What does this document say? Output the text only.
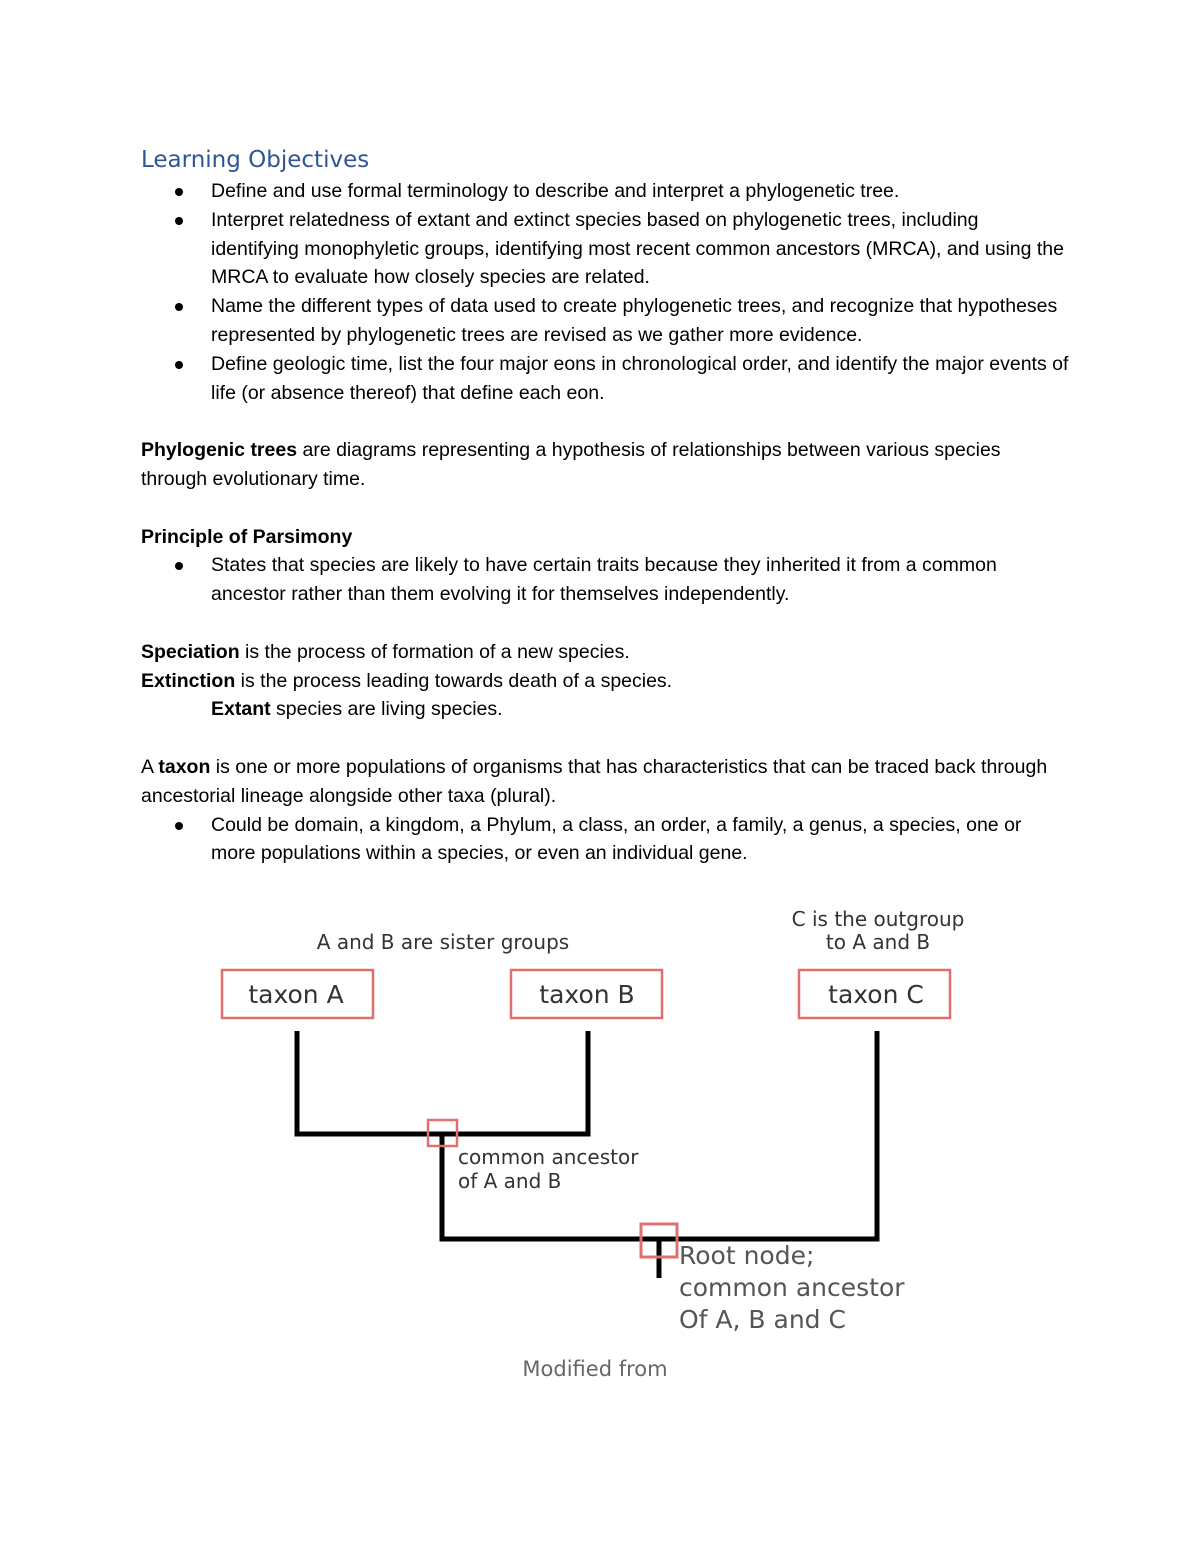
Learning Objectives
Define and use formal terminology to describe and interpret a phylogenetic tree.
Interpret relatedness of extant and extinct species based on phylogenetic trees, including identifying monophyletic groups, identifying most recent common ancestors (MRCA), and using the MRCA to evaluate how closely species are related.
Name the different types of data used to create phylogenetic trees, and recognize that hypotheses represented by phylogenetic trees are revised as we gather more evidence.
Define geologic time, list the four major eons in chronological order, and identify the major events of life (or absence thereof) that define each eon.

Phylogenic trees are diagrams representing a hypothesis of relationships between various species through evolutionary time.

Principle of Parsimony

States that species are likely to have certain traits because they inherited it from a common ancestor rather than them evolving it for themselves independently.

Speciation is the process of formation of a new species.

Extinction is the process leading towards death of a species.

Extant species are living species.

A taxon is one or more populations of organisms that has characteristics that can be traced back through ancestorial lineage alongside other taxa (plural).

Could be domain, a kingdom, a Phylum, a class, an order, a family, a genus, a species, one or more populations within a species, or even an individual gene.
A and B are sister groups
C is the outgroup
to A and B
taxon A	taxon B	taxon C
common ancestor
of A and B
Root node;
common ancestor
Of A, B and C
Modified from
